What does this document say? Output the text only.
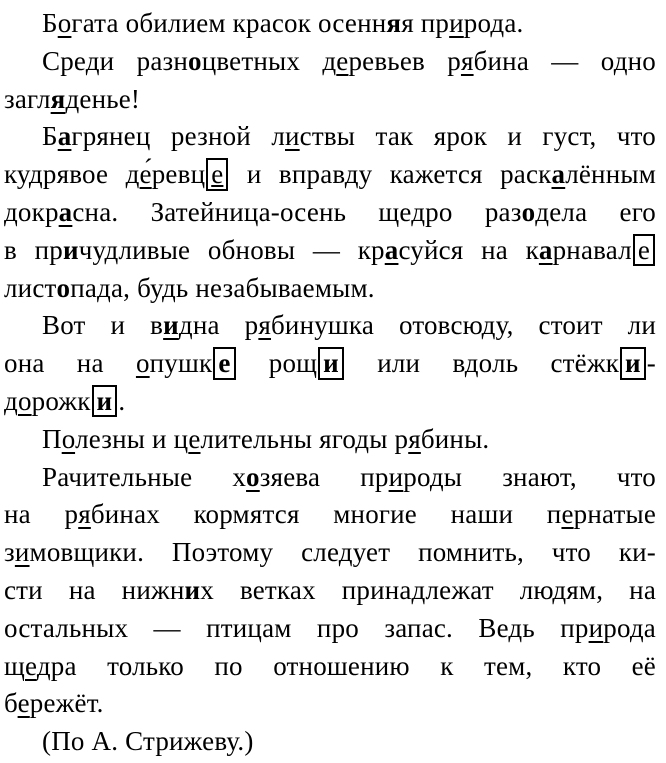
Богата обилием красок осенняя природа.
Среди разноцветных деревьев рябина — одно
загляденье!
Багрянец резной листвы так ярок и густ, что
кудрявое де́ревц е и вправду кажется раскалённым
докрасна. Затейница-осень щедро разодела его
в причудливые обновы — красуйся на карнавал е
листопада, будь незабываемым.
Вот и видна рябинушка отовсюду, стоит ли
она на опушк е рощ и или вдоль стёжк и -
дорожк и .
Полезны и целительны ягоды рябины.
Рачительные хозяева природы знают, что
на рябинах кормятся многие наши пернатые
зимовщики. Поэтому следует помнить, что ки-
сти на нижних ветках принадлежат людям, на
остальных — птицам про запас. Ведь природа
щедра только по отношению к тем, кто её
бережёт.
(По А. Стрижеву.)
